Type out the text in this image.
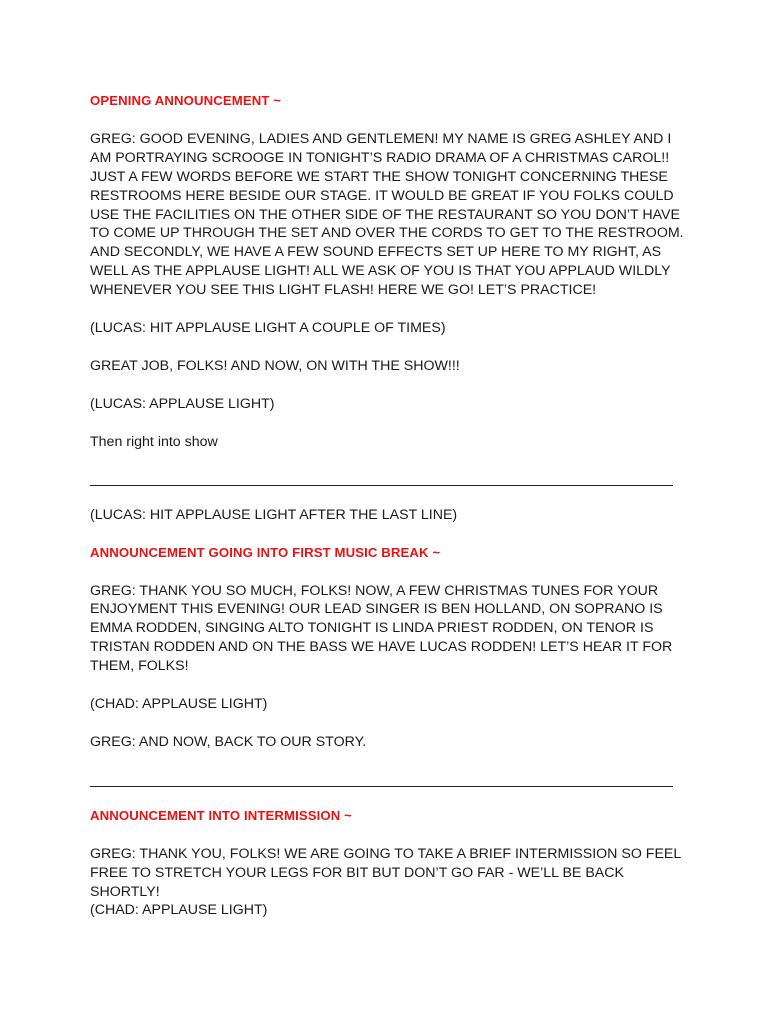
OPENING ANNOUNCEMENT ~

GREG: GOOD EVENING, LADIES AND GENTLEMEN! MY NAME IS GREG ASHLEY AND I AM PORTRAYING SCROOGE IN TONIGHT’S RADIO DRAMA OF A CHRISTMAS CAROL!! JUST A FEW WORDS BEFORE WE START THE SHOW TONIGHT CONCERNING THESE RESTROOMS HERE BESIDE OUR STAGE. IT WOULD BE GREAT IF YOU FOLKS COULD USE THE FACILITIES ON THE OTHER SIDE OF THE RESTAURANT SO YOU DON’T HAVE TO COME UP THROUGH THE SET AND OVER THE CORDS TO GET TO THE RESTROOM. AND SECONDLY, WE HAVE A FEW SOUND EFFECTS SET UP HERE TO MY RIGHT, AS WELL AS THE APPLAUSE LIGHT! ALL WE ASK OF YOU IS THAT YOU APPLAUD WILDLY WHENEVER YOU SEE THIS LIGHT FLASH! HERE WE GO! LET’S PRACTICE!

(LUCAS: HIT APPLAUSE LIGHT A COUPLE OF TIMES)

GREAT JOB, FOLKS! AND NOW, ON WITH THE SHOW!!!

(LUCAS: APPLAUSE LIGHT)

Then right into show

(LUCAS: HIT APPLAUSE LIGHT AFTER THE LAST LINE)

ANNOUNCEMENT GOING INTO FIRST MUSIC BREAK ~

GREG: THANK YOU SO MUCH, FOLKS! NOW, A FEW CHRISTMAS TUNES FOR YOUR ENJOYMENT THIS EVENING! OUR LEAD SINGER IS BEN HOLLAND, ON SOPRANO IS EMMA RODDEN, SINGING ALTO TONIGHT IS LINDA PRIEST RODDEN, ON TENOR IS TRISTAN RODDEN AND ON THE BASS WE HAVE LUCAS RODDEN! LET’S HEAR IT FOR THEM, FOLKS!

(CHAD: APPLAUSE LIGHT)

GREG: AND NOW, BACK TO OUR STORY.

ANNOUNCEMENT INTO INTERMISSION ~

GREG: THANK YOU, FOLKS! WE ARE GOING TO TAKE A BRIEF INTERMISSION SO FEEL FREE TO STRETCH YOUR LEGS FOR BIT BUT DON’T GO FAR - WE’LL BE BACK SHORTLY!

(CHAD: APPLAUSE LIGHT)
